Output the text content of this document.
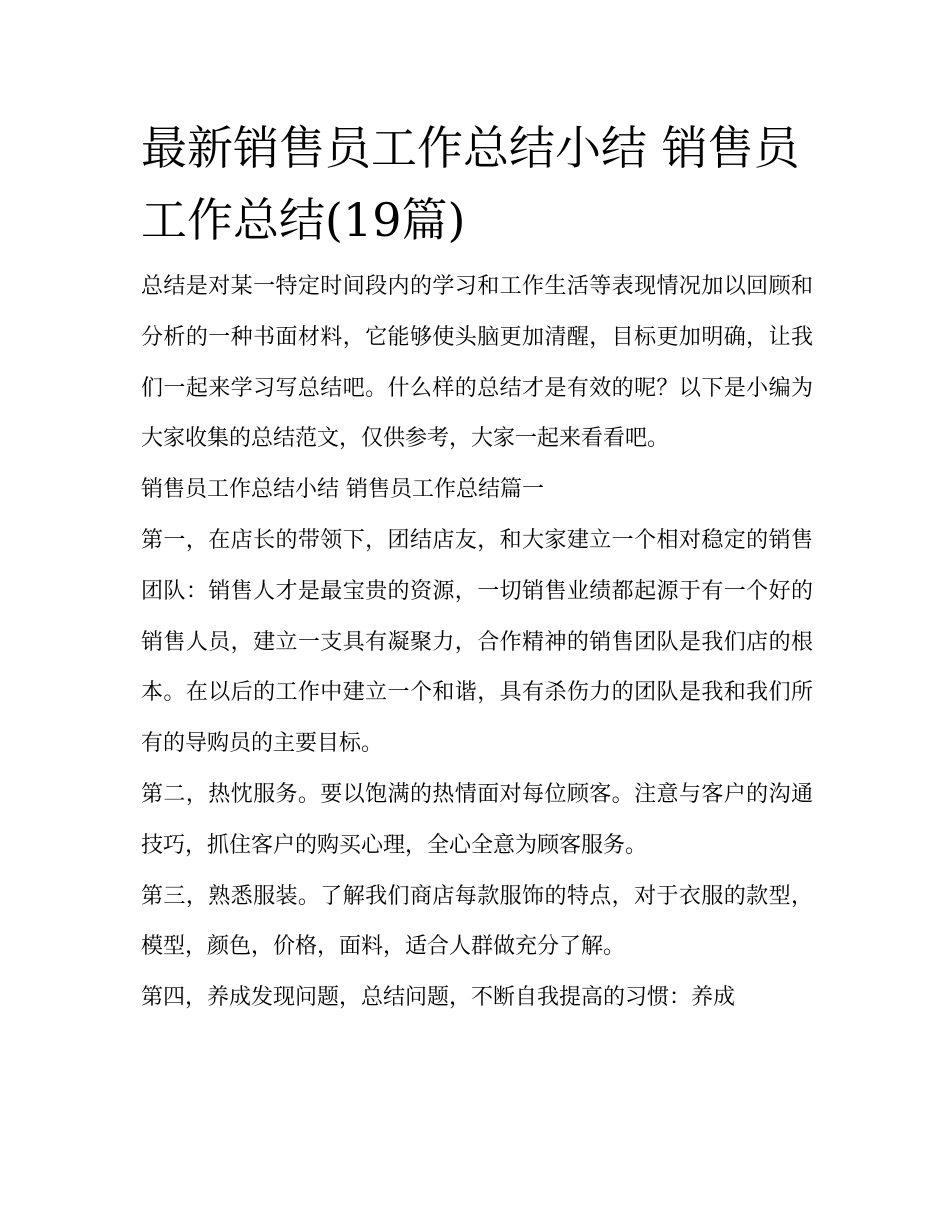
最新销售员工作总结小结 销售员工作总结(19篇)

总结是对某一特定时间段内的学习和工作生活等表现情况加以回顾和分析的一种书面材料，它能够使头脑更加清醒，目标更加明确，让我们一起来学习写总结吧。什么样的总结才是有效的呢？以下是小编为大家收集的总结范文，仅供参考，大家一起来看看吧。

销售员工作总结小结 销售员工作总结篇一

第一，在店长的带领下，团结店友，和大家建立一个相对稳定的销售团队：销售人才是最宝贵的资源，一切销售业绩都起源于有一个好的销售人员，建立一支具有凝聚力，合作精神的销售团队是我们店的根本。在以后的工作中建立一个和谐，具有杀伤力的团队是我和我们所有的导购员的主要目标。

第二，热忱服务。要以饱满的热情面对每位顾客。注意与客户的沟通技巧，抓住客户的购买心理，全心全意为顾客服务。

第三，熟悉服装。了解我们商店每款服饰的特点，对于衣服的款型，模型，颜色，价格，面料，适合人群做充分了解。

第四，养成发现问题，总结问题，不断自我提高的习惯：养成
